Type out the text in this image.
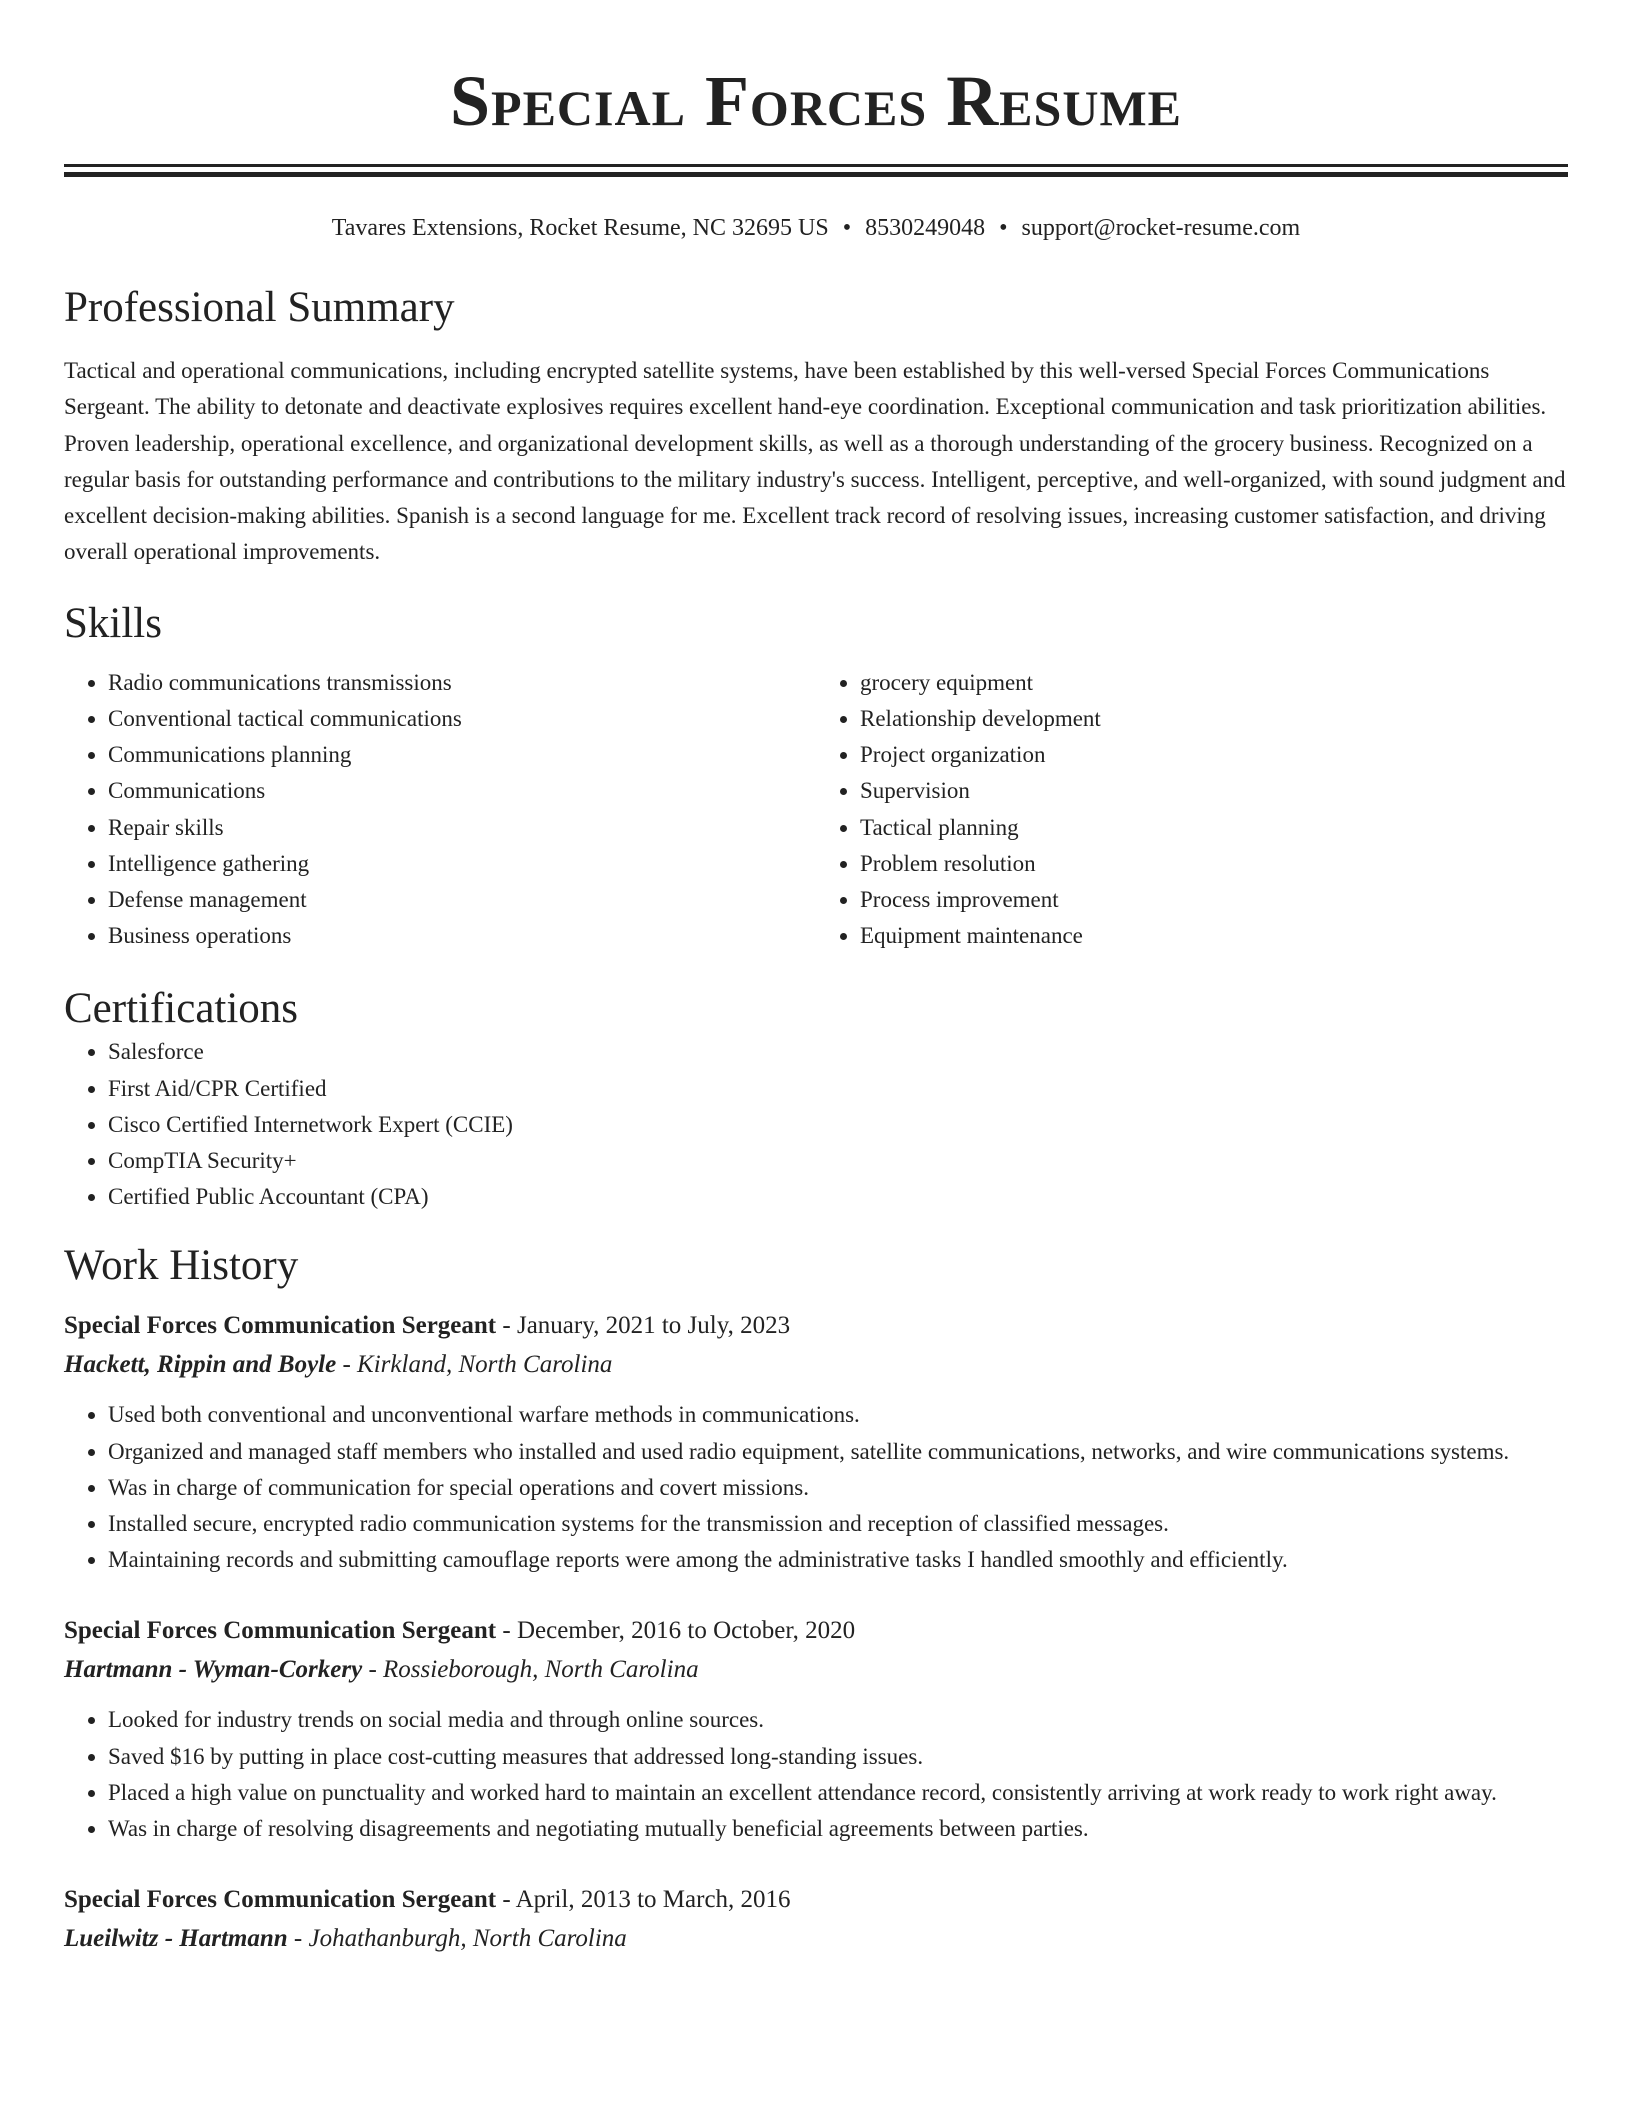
Special Forces Resume
Tavares Extensions, Rocket Resume, NC 32695 US • 8530249048 • support@rocket-resume.com
Professional Summary

Tactical and operational communications, including encrypted satellite systems, have been established by this well-versed Special Forces Communications Sergeant. The ability to detonate and deactivate explosives requires excellent hand-eye coordination. Exceptional communication and task prioritization abilities. Proven leadership, operational excellence, and organizational development skills, as well as a thorough understanding of the grocery business. Recognized on a regular basis for outstanding performance and contributions to the military industry's success. Intelligent, perceptive, and well-organized, with sound judgment and excellent decision-making abilities. Spanish is a second language for me. Excellent track record of resolving issues, increasing customer satisfaction, and driving overall operational improvements.

Skills
• Radio communications transmissions
• Conventional tactical communications
• Communications planning
• Communications
• Repair skills
• Intelligence gathering
• Defense management
• Business operations
• grocery equipment
• Relationship development
• Project organization
• Supervision
• Tactical planning
• Problem resolution
• Process improvement
• Equipment maintenance
Certifications
• Salesforce
• First Aid/CPR Certified
• Cisco Certified Internetwork Expert (CCIE)
• CompTIA Security+
• Certified Public Accountant (CPA)
Work History
Special Forces Communication Sergeant - January, 2021 to July, 2023
Hackett, Rippin and Boyle - Kirkland, North Carolina
• Used both conventional and unconventional warfare methods in communications.
• Organized and managed staff members who installed and used radio equipment, satellite communications, networks, and wire communications systems.
• Was in charge of communication for special operations and covert missions.
• Installed secure, encrypted radio communication systems for the transmission and reception of classified messages.
• Maintaining records and submitting camouflage reports were among the administrative tasks I handled smoothly and efficiently.
Special Forces Communication Sergeant - December, 2016 to October, 2020
Hartmann - Wyman-Corkery - Rossieborough, North Carolina
• Looked for industry trends on social media and through online sources.
• Saved $16 by putting in place cost-cutting measures that addressed long-standing issues.
• Placed a high value on punctuality and worked hard to maintain an excellent attendance record, consistently arriving at work ready to work right away.
• Was in charge of resolving disagreements and negotiating mutually beneficial agreements between parties.
Special Forces Communication Sergeant - April, 2013 to March, 2016
Lueilwitz - Hartmann - Johathanburgh, North Carolina
